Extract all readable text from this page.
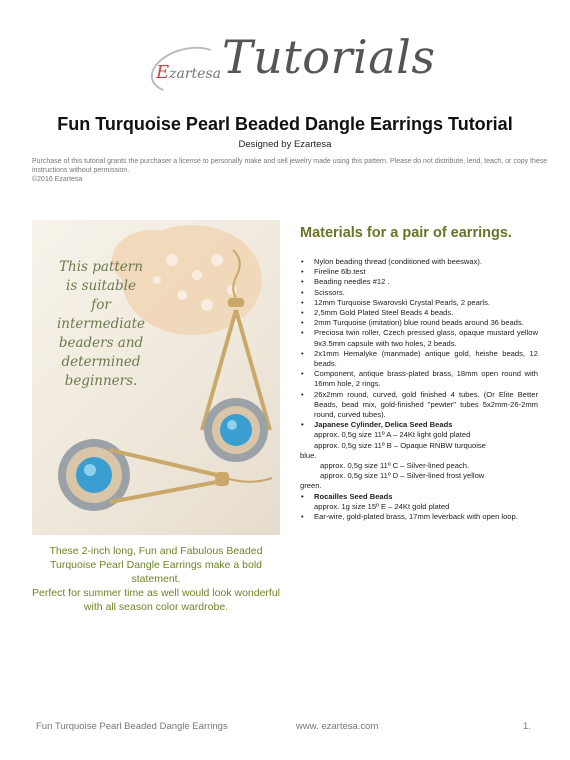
Ezartesa Tutorials
Fun Turquoise Pearl Beaded Dangle Earrings Tutorial
Designed by Ezartesa
Purchase of this tutorial grants the purchaser a license to personally make and sell jewelry made using this pattern. Please do not distribute, lend, teach, or copy these instructions without permission.
©2016 Ezartesa
This pattern
is suitable
for
intermediate
beaders and
determined
beginners.

These 2-inch long, Fun and Fabulous Beaded Turquoise Pearl Dangle Earrings make a bold statement.

Perfect for summer time as well would look wonderful with all season color wardrobe.

Materials for a pair of earrings.
• Nylon beading thread (conditioned with beeswax).
• Fireline 6lb.test
• Beading needles #12 .
• Scissors.
• 12mm Turquoise Swarovski Crystal Pearls, 2 pearls.
• 2,5mm Gold Plated Steel Beads 4 beads.
• 2mm Turquoise (imitation) blue round beads around 36 beads.
• Preciosa twin roller, Czech pressed glass, opaque mustard yellow 9x3.5mm capsule with two holes, 2 beads.
• 2x1mm Hemalyke (manmade) antique gold, heishe beads, 12 beads.
• Component, antique brass-plated brass, 18mm open round with 16mm hole, 2 rings.
• 26x2mm round, curved, gold finished 4 tubes. (Or Elite Better Beads, bead mix, gold-finished "pewter" tubes 5x2mm-26-2mm round, curved tubes).
• Japanese Cylinder, Delica Seed Beads
approx. 0,5g size 11º A – 24Kt light gold plated
approx. 0,5g size 11º B – Opaque RNBW turquoise
blue.
approx. 0,5g size 11º C – Silver-lined peach.
approx. 0,5g size 11º D – Silver-lined frost yellow
green.
• Rocailles Seed Beads
approx. 1g size 15º E – 24Kt gold plated
• Ear-wire, gold-plated brass, 17mm leverback with open loop.
Fun Turquoise Pearl Beaded Dangle Earrings	www. ezartesa.com	1.
